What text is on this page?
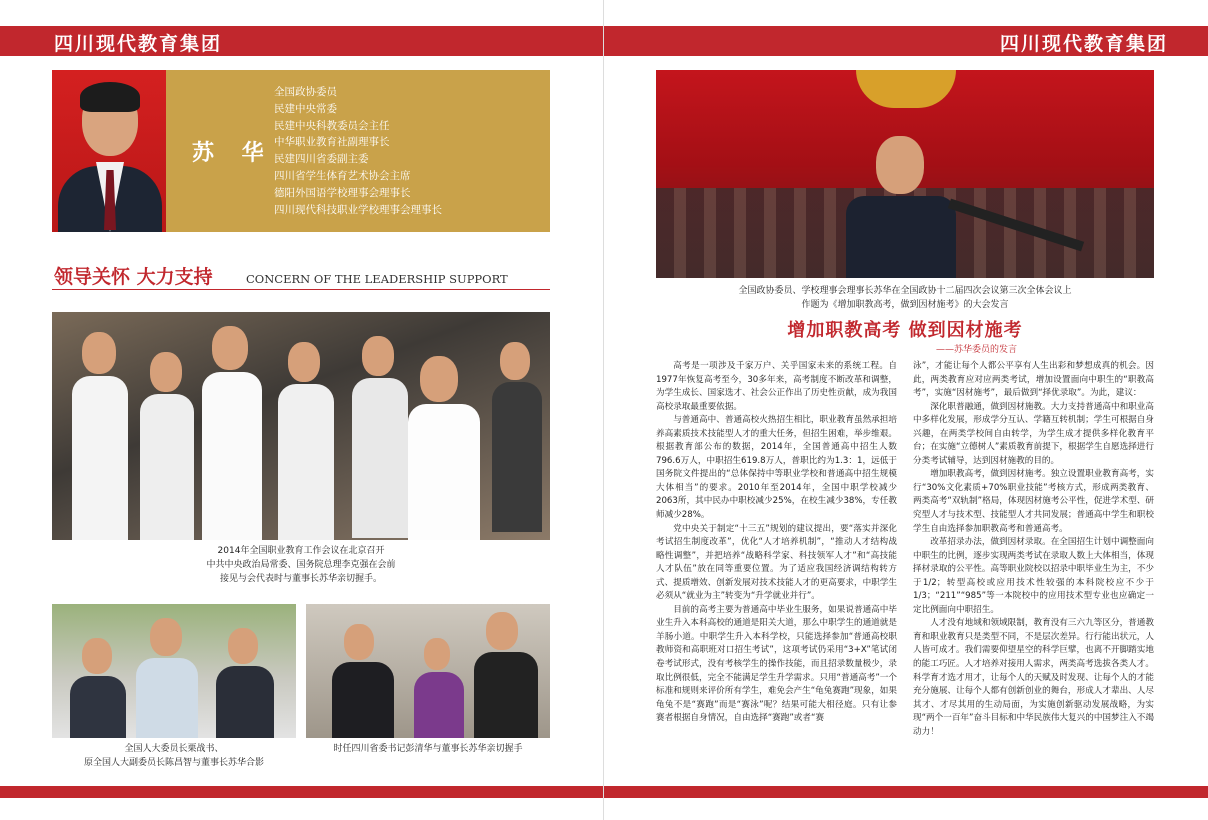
四川现代教育集团	四川现代教育集团
苏 华
全国政协委员
民建中央常委
民建中央科教委员会主任
中华职业教育社副理事长
民建四川省委副主委
四川省学生体育艺术协会主席
德阳外国语学校理事会理事长
四川现代科技职业学校理事会理事长
领导关怀 大力支持	CONCERN OF THE LEADERSHIP SUPPORT
2014年全国职业教育工作会议在北京召开
中共中央政治局常委、国务院总理李克强在会前
接见与会代表时与董事长苏华亲切握手。
全国人大委员长栗战书、
原全国人大副委员长陈昌智与董事长苏华合影
时任四川省委书记彭清华与董事长苏华亲切握手
全国政协委员、学校理事会理事长苏华在全国政协十二届四次会议第三次全体会议上
作题为《增加职教高考，做到因材施考》的大会发言
增加职教高考 做到因材施考
——苏华委员的发言

高考是一项涉及千家万户、关乎国家未来的系统工程。自1977年恢复高考至今，30多年来，高考制度不断改革和调整，为学生成长、国家选才、社会公正作出了历史性贡献，成为我国高校录取最重要依据。

与普通高中、普通高校火热招生相比，职业教育虽然承担培养高素质技术技能型人才的重大任务，但招生困难，举步维艰。根据教育部公布的数据，2014年，全国普通高中招生人数796.6万人，中职招生619.8万人，普职比约为1.3：1，远低于国务院文件提出的“总体保持中等职业学校和普通高中招生规模大体相当”的要求。2010年至2014年，全国中职学校减少2063所，其中民办中职校减少25%，在校生减少38%，专任教师减少28%。

党中央关于制定“十三五”规划的建议提出，要“落实并深化考试招生制度改革”，优化“人才培养机制”，“推动人才结构战略性调整”，并把培养“战略科学家、科技领军人才”和“高技能人才队伍”放在同等重要位置。为了适应我国经济调结构转方式、提质增效、创新发展对技术技能人才的更高要求，中职学生必须从“就业为主”转变为“升学就业并行”。

目前的高考主要为普通高中毕业生服务，如果说普通高中毕业生升入本科高校的通道是阳关大道，那么中职学生的通道就是羊肠小道。中职学生升入本科学校，只能选择参加“普通高校职教师资和高职班对口招生考试”，这项考试仍采用“3+X”笔试闭卷考试形式，没有考核学生的操作技能，而且招录数量极少，录取比例很低，完全不能满足学生升学需求。只用“普通高考”一个标准和规则来评价所有学生，难免会产生“龟兔赛跑”现象，如果龟兔不是“赛跑”而是“赛泳”呢？结果可能大相径庭。只有让参赛者根据自身情况，自由选择“赛跑”或者“赛

泳”，才能让每个人都公平享有人生出彩和梦想成真的机会。因此，两类教育应对应两类考试，增加设置面向中职生的“职教高考”，实施“因材施考”，最后做到“择优录取”。为此，建议：

深化职普融通，做到因材施教。大力支持普通高中和职业高中多样化发展，形成学分互认、学籍互转机制；学生可根据自身兴趣，在两类学校间自由转学，为学生成才提供多样化教育平台；在实施“立德树人”素质教育前提下，根据学生自愿选择进行分类考试辅导，达到因材施教的目的。

增加职教高考，做到因材施考。独立设置职业教育高考，实行“30%文化素质+70%职业技能”考核方式，形成两类教育、两类高考“双轨制”格局，体现因材施考公平性，促进学术型、研究型人才与技术型、技能型人才共同发展；普通高中学生和职校学生自由选择参加职教高考和普通高考。

改革招录办法，做到因材录取。在全国招生计划中调整面向中职生的比例，逐步实现两类考试在录取人数上大体相当，体现择材录取的公平性。高等职业院校以招录中职毕业生为主，不少于1/2；转型高校或应用技术性较强的本科院校应不少于1/3；“211”“985”等一本院校中的应用技术型专业也应确定一定比例面向中职招生。

人才没有地域和领域限制，教育没有三六九等区分，普通教育和职业教育只是类型不同，不是层次差异。行行能出状元，人人皆可成才。我们需要仰望星空的科学巨擘，也离不开脚踏实地的能工巧匠。人才培养对接用人需求，两类高考选拔各类人才。科学育才选才用才，让每个人的天赋及时发现、让每个人的才能充分施展、让每个人都有创新创业的舞台，形成人才辈出、人尽其才、才尽其用的生动局面，为实施创新驱动发展战略，为实现“两个一百年”奋斗目标和中华民族伟大复兴的中国梦注入不竭动力！
